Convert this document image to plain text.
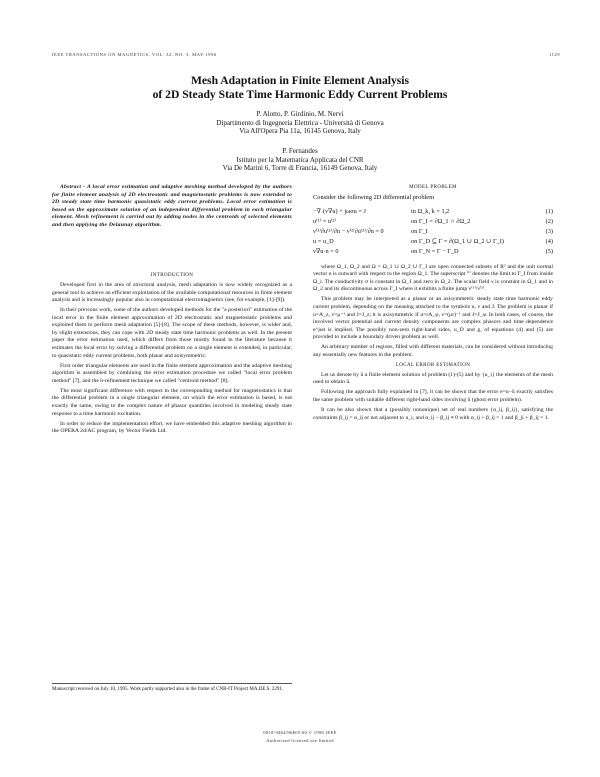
IEEE TRANSACTIONS ON MAGNETICS, VOL. 32, NO. 3, MAY 1996	1129
Mesh Adaptation in Finite Element Analysis
of 2D Steady State Time Harmonic Eddy Current Problems
P. Alotto, P. Girdinio, M. Nervi
Dipartimento di Ingegneria Elettrica - Università di Genova
Via All'Opera Pia 11a, 16145 Genova, Italy
P. Fernandes
Istituto per la Matematica Applicata del CNR
Via De Marini 6, Torre di Francia, 16149 Genova, Italy

Abstract - A local error estimation and adaptive meshing method developed by the authors for finite element analysis of 2D electrostatic and magnetostatic problems is now extended to 2D steady state time harmonic quasistatic eddy current problems. Local error estimation is based on the approximate solution of an independent differential problem in each triangular element. Mesh refinement is carried out by adding nodes in the centroids of selected elements and then applying the Delaunay algorithm.

INTRODUCTION

Developed first in the area of structural analysis, mesh adaptation is now widely recognized as a general tool to achieve an efficient exploitation of the available computational resources in finite element analysis and is increasingly popular also in computational electromagnetics (see, for example, [1]-[9]).

In their previous work, some of the authors developed methods for the "a posteriori" estimation of the local error in the finite element approximation of 2D electrostatic and magnetostatic problems and exploited them to perform mesh adaptation [5]-[8]. The scope of these methods, however, is wider and, by slight extensions, they can cope with 2D steady state time harmonic problems as well. In the present paper the error estimation used, which differs from those mostly found in the literature because it estimates the local error by solving a differential problem on a single element is extended, in particular, to quasistatic eddy current problems, both planar and axisymmetric.

First order triangular elements are used in the finite element approximation and the adaptive meshing algorithm is assembled by combining the error estimation procedure we called "local error problem method" [7], and the h-refinement technique we called "centroid method" [8].

The most significant difference with respect to the corresponding method for magnetostatics is that the differential problem in a single triangular element, on which the error estimation is based, is not exactly the same, owing to the complex nature of phasor quantities involved in modeling steady state response to a time harmonic excitation.

In order to reduce the implementation effort, we have embedded this adaptive meshing algorithm in the OPERA 2d/AC program, by Vector Fields Ltd.

Manuscript received on July 10, 1995. Work partly supported also in the frame of CNR-IT Project MA.DE.S. 2291.

MODEL PROBLEM

Consider the following 2D differential problem
−∇·(ν∇u) + jωσu = J	in Ω_k, k = 1,2	(1)
u⁽¹⁾ = u⁽²⁾	on Γ_I = ∂Ω_1 ∩ ∂Ω_2	(2)
ν⁽¹⁾∂u⁽¹⁾/∂n − ν⁽²⁾∂u⁽²⁾/∂n = 0	on Γ_I	(3)
u = u_D	on Γ_D ⊆ Γ = ∂(Ω_1 ∪ Ω_2 ∪ Γ_I)	(4)
ν∇u·n = 0	on Γ_N = Γ − Γ_D	(5)

where Ω_1, Ω_2 and Ω = Ω_1 ∪ Ω_2 ∪ Γ_I are open connected subsets of R² and the unit normal vector n is outward with respect to the region Ω_1. The superscript ⁽ⁱ⁾ denotes the limit to Γ_I from inside Ω_i. The conductivity σ is constant in Ω_1 and zero in Ω_2. The scalar field ν is constant in Ω_1 and in Ω_2 and its discontinuous across Γ_I where it exhibits a finite jump ν⁽¹⁾/ν⁽²⁾.

This problem may be interpreted as a planar or an axisymmetric steady state time harmonic eddy current problem, depending on the meaning attached to the symbols u, ν and J. The problem is planar if u=A_z, ν=μ⁻¹ and J=J_z; it is axisymmetric if u=rA_φ, ν=(μr)⁻¹ and J=J_φ. In both cases, of course, the involved vector potential and current density components are complex phasors and time dependence e^jωt is implied. The possibly non-zero right-hand sides, u_D and g, of equations (4) and (5) are provided to include a boundary driven problem as well.

An arbitrary number of regions, filled with different materials, can be considered without introducing any essentially new features in the problem.

LOCAL ERROR ESTIMATION

Let us denote by ũ a finite element solution of problem (1)-(5) and by {u_i} the elements of the mesh used to obtain ũ.

Following the approach fully explained in [7], it can be shown that the error e=u−ũ exactly satisfies the same problem with suitable different right-hand sides involving ũ (ghost error problem).

It can be also shown that a (possibly nonunique) set of real numbers {α_ij, β_ij}, satisfying the constraints β_ij = α_ij or not adjacent to u_i, and α_ij − β_ij ≠ 0 with α_ij + β_ij = 1 and β_ji + β_ij = 1.

0018-9464/96$05.00 © 1996 IEEE
Authorized licensed use limited
